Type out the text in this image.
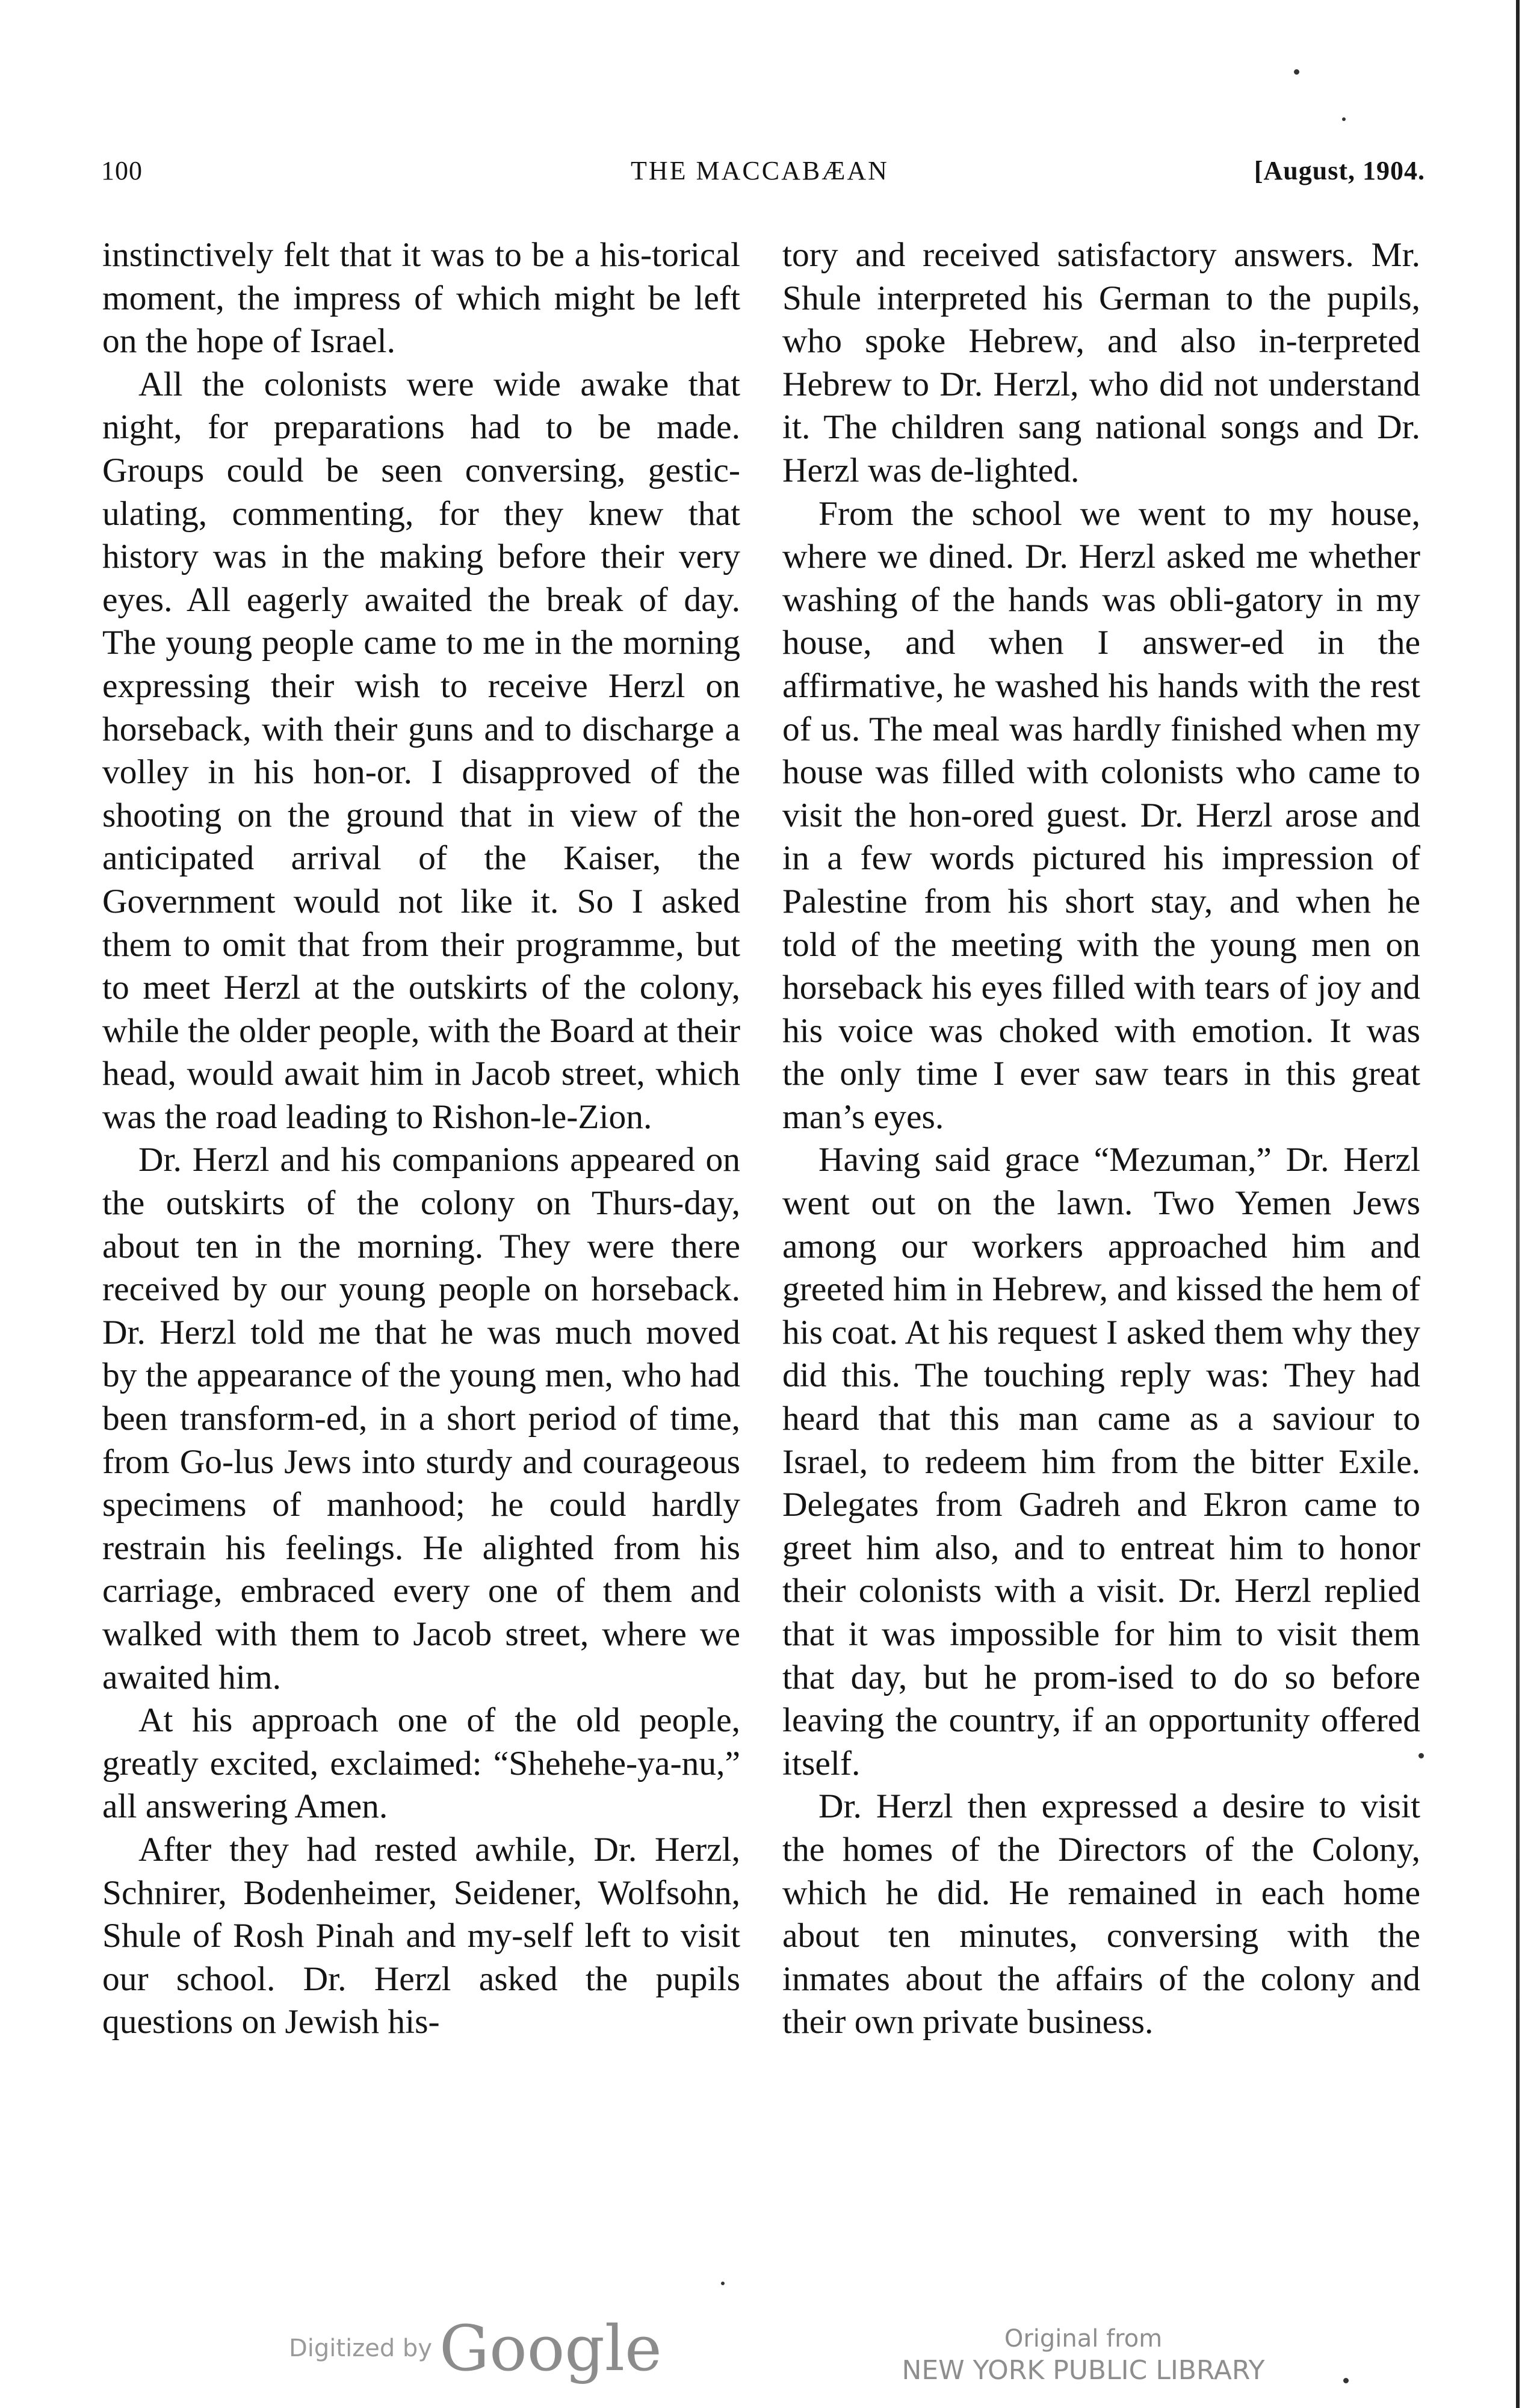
100	THE MACCABÆAN	[August, 1904.

instinctively felt that it was to be a his-torical moment, the impress of which might be left on the hope of Israel.

All the colonists were wide awake that night, for preparations had to be made. Groups could be seen conversing, gestic-ulating, commenting, for they knew that history was in the making before their very eyes. All eagerly awaited the break of day. The young people came to me in the morning expressing their wish to receive Herzl on horseback, with their guns and to discharge a volley in his hon-or. I disapproved of the shooting on the ground that in view of the anticipated arrival of the Kaiser, the Government would not like it. So I asked them to omit that from their programme, but to meet Herzl at the outskirts of the colony, while the older people, with the Board at their head, would await him in Jacob street, which was the road leading to Rishon-le-Zion.

Dr. Herzl and his companions appeared on the outskirts of the colony on Thurs-day, about ten in the morning. They were there received by our young people on horseback. Dr. Herzl told me that he was much moved by the appearance of the young men, who had been transform-ed, in a short period of time, from Go-lus Jews into sturdy and courageous specimens of manhood; he could hardly restrain his feelings. He alighted from his carriage, embraced every one of them and walked with them to Jacob street, where we awaited him.

At his approach one of the old people, greatly excited, exclaimed: “Shehehe-ya-nu,” all answering Amen.

After they had rested awhile, Dr. Herzl, Schnirer, Bodenheimer, Seidener, Wolfsohn, Shule of Rosh Pinah and my-self left to visit our school. Dr. Herzl asked the pupils questions on Jewish his-

tory and received satisfactory answers. Mr. Shule interpreted his German to the pupils, who spoke Hebrew, and also in-terpreted Hebrew to Dr. Herzl, who did not understand it. The children sang national songs and Dr. Herzl was de-lighted.

From the school we went to my house, where we dined. Dr. Herzl asked me whether washing of the hands was obli-gatory in my house, and when I answer-ed in the affirmative, he washed his hands with the rest of us. The meal was hardly finished when my house was filled with colonists who came to visit the hon-ored guest. Dr. Herzl arose and in a few words pictured his impression of Palestine from his short stay, and when he told of the meeting with the young men on horseback his eyes filled with tears of joy and his voice was choked with emotion. It was the only time I ever saw tears in this great man’s eyes.

Having said grace “Mezuman,” Dr. Herzl went out on the lawn. Two Yemen Jews among our workers approached him and greeted him in Hebrew, and kissed the hem of his coat. At his request I asked them why they did this. The touching reply was: They had heard that this man came as a saviour to Israel, to redeem him from the bitter Exile. Delegates from Gadreh and Ekron came to greet him also, and to entreat him to honor their colonists with a visit. Dr. Herzl replied that it was impossible for him to visit them that day, but he prom-ised to do so before leaving the country, if an opportunity offered itself.

Dr. Herzl then expressed a desire to visit the homes of the Directors of the Colony, which he did. He remained in each home about ten minutes, conversing with the inmates about the affairs of the colony and their own private business.

Digitized by Google	Original from
NEW YORK PUBLIC LIBRARY
